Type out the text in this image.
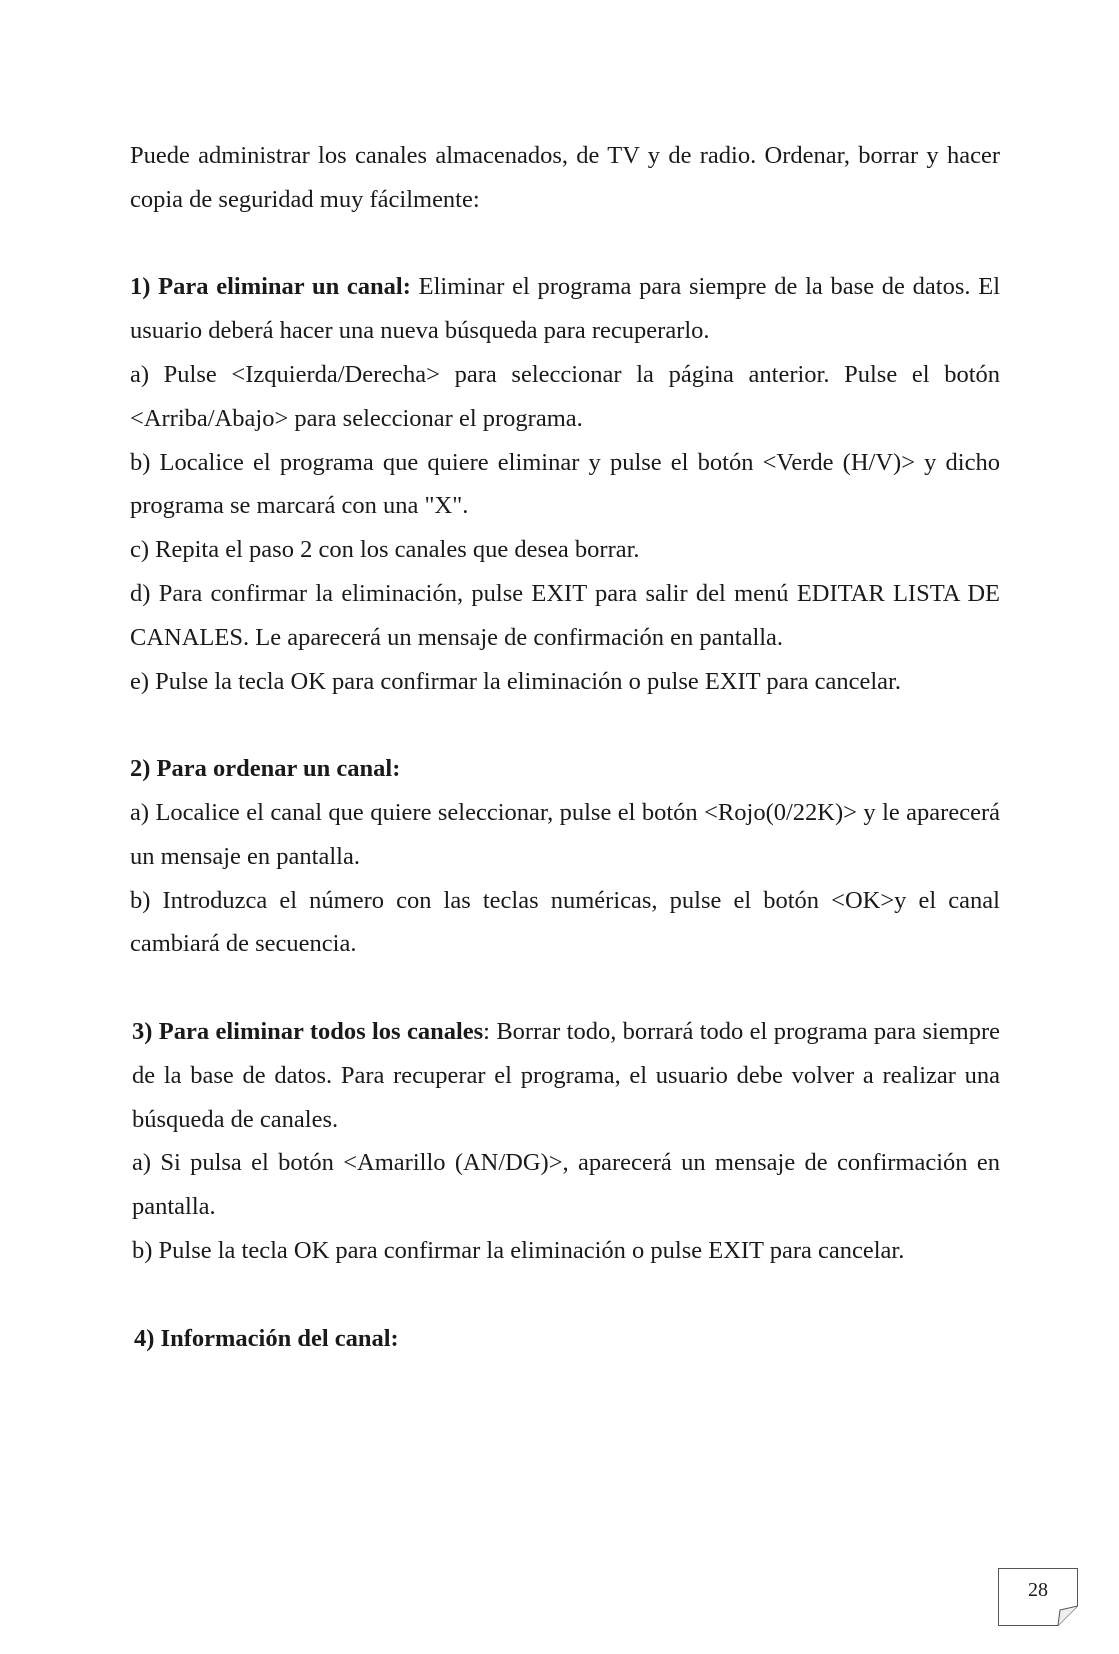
Puede administrar los canales almacenados, de TV y de radio. Ordenar, borrar y hacer copia de seguridad muy fácilmente:

1) Para eliminar un canal: Eliminar el programa para siempre de la base de datos. El usuario deberá hacer una nueva búsqueda para recuperarlo.

a) Pulse <Izquierda/Derecha> para seleccionar la página anterior. Pulse el botón <Arriba/Abajo> para seleccionar el programa.

b) Localice el programa que quiere eliminar y pulse el botón <Verde (H/V)> y dicho programa se marcará con una "X".

c) Repita el paso 2 con los canales que desea borrar.

d) Para confirmar la eliminación, pulse EXIT para salir del menú EDITAR LISTA DE CANALES. Le aparecerá un mensaje de confirmación en pantalla.

e) Pulse la tecla OK para confirmar la eliminación o pulse EXIT para cancelar.

2) Para ordenar un canal:

a) Localice el canal que quiere seleccionar, pulse el botón <Rojo(0/22K)> y le aparecerá un mensaje en pantalla.

b) Introduzca el número con las teclas numéricas, pulse el botón <OK>y el canal cambiará de secuencia.

3) Para eliminar todos los canales: Borrar todo, borrará todo el programa para siempre de la base de datos. Para recuperar el programa, el usuario debe volver a realizar una búsqueda de canales.

a) Si pulsa el botón <Amarillo (AN/DG)>, aparecerá un mensaje de confirmación en pantalla.

b) Pulse la tecla OK para confirmar la eliminación o pulse EXIT para cancelar.

4) Información del canal:

28
